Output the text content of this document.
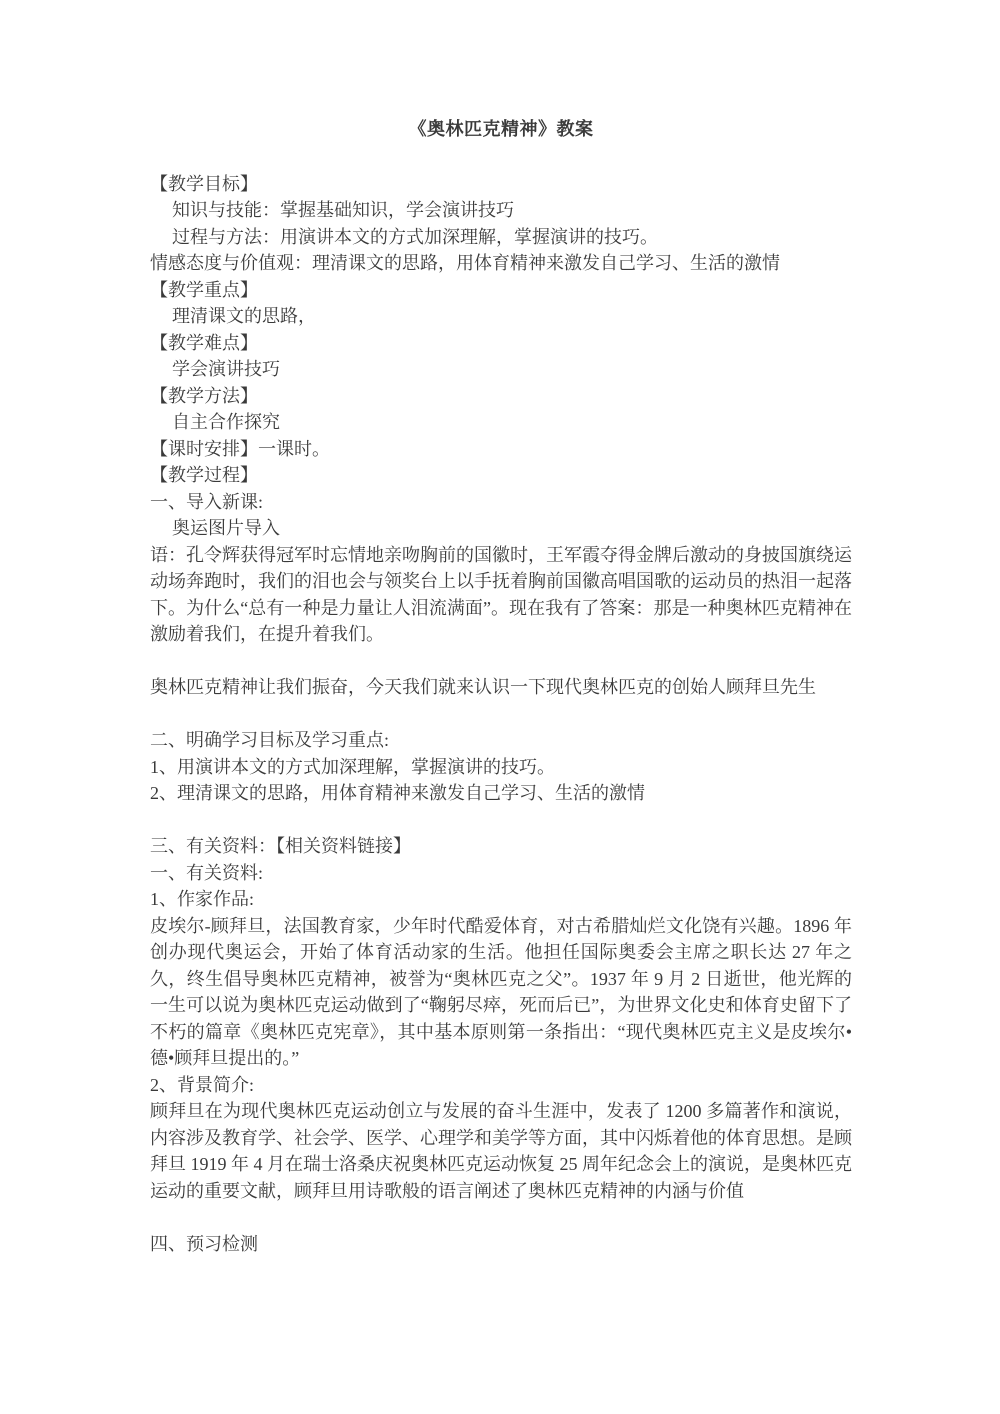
《奥林匹克精神》教案
【教学目标】
知识与技能：掌握基础知识，学会演讲技巧
过程与方法：用演讲本文的方式加深理解，掌握演讲的技巧。
情感态度与价值观：理清课文的思路，用体育精神来激发自己学习、生活的激情
【教学重点】
理清课文的思路，
【教学难点】
学会演讲技巧
【教学方法】
自主合作探究
【课时安排】一课时。
【教学过程】
一、导入新课:
奥运图片导入
语：孔令辉获得冠军时忘情地亲吻胸前的国徽时，王军霞夺得金牌后激动的身披国旗绕运动场奔跑时，我们的泪也会与领奖台上以手抚着胸前国徽高唱国歌的运动员的热泪一起落下。为什么“总有一种是力量让人泪流满面”。现在我有了答案：那是一种奥林匹克精神在激励着我们，在提升着我们。
奥林匹克精神让我们振奋，今天我们就来认识一下现代奥林匹克的创始人顾拜旦先生
二、明确学习目标及学习重点:
1、用演讲本文的方式加深理解，掌握演讲的技巧。
2、理清课文的思路，用体育精神来激发自己学习、生活的激情
三、有关资料：【相关资料链接】
一、有关资料:
1、作家作品:
皮埃尔-顾拜旦，法国教育家，少年时代酷爱体育，对古希腊灿烂文化饶有兴趣。1896 年创办现代奥运会，开始了体育活动家的生活。他担任国际奥委会主席之职长达 27 年之久，终生倡导奥林匹克精神，被誉为“奥林匹克之父”。1937 年 9 月 2 日逝世，他光辉的一生可以说为奥林匹克运动做到了“鞠躬尽瘁，死而后已”，为世界文化史和体育史留下了不朽的篇章《奥林匹克宪章》，其中基本原则第一条指出：“现代奥林匹克主义是皮埃尔•德•顾拜旦提出的。”
2、背景简介:
顾拜旦在为现代奥林匹克运动创立与发展的奋斗生涯中，发表了 1200 多篇著作和演说，内容涉及教育学、社会学、医学、心理学和美学等方面，其中闪烁着他的体育思想。是顾拜旦 1919 年 4 月在瑞士洛桑庆祝奥林匹克运动恢复 25 周年纪念会上的演说，是奥林匹克运动的重要文献，顾拜旦用诗歌般的语言阐述了奥林匹克精神的内涵与价值
四、预习检测
